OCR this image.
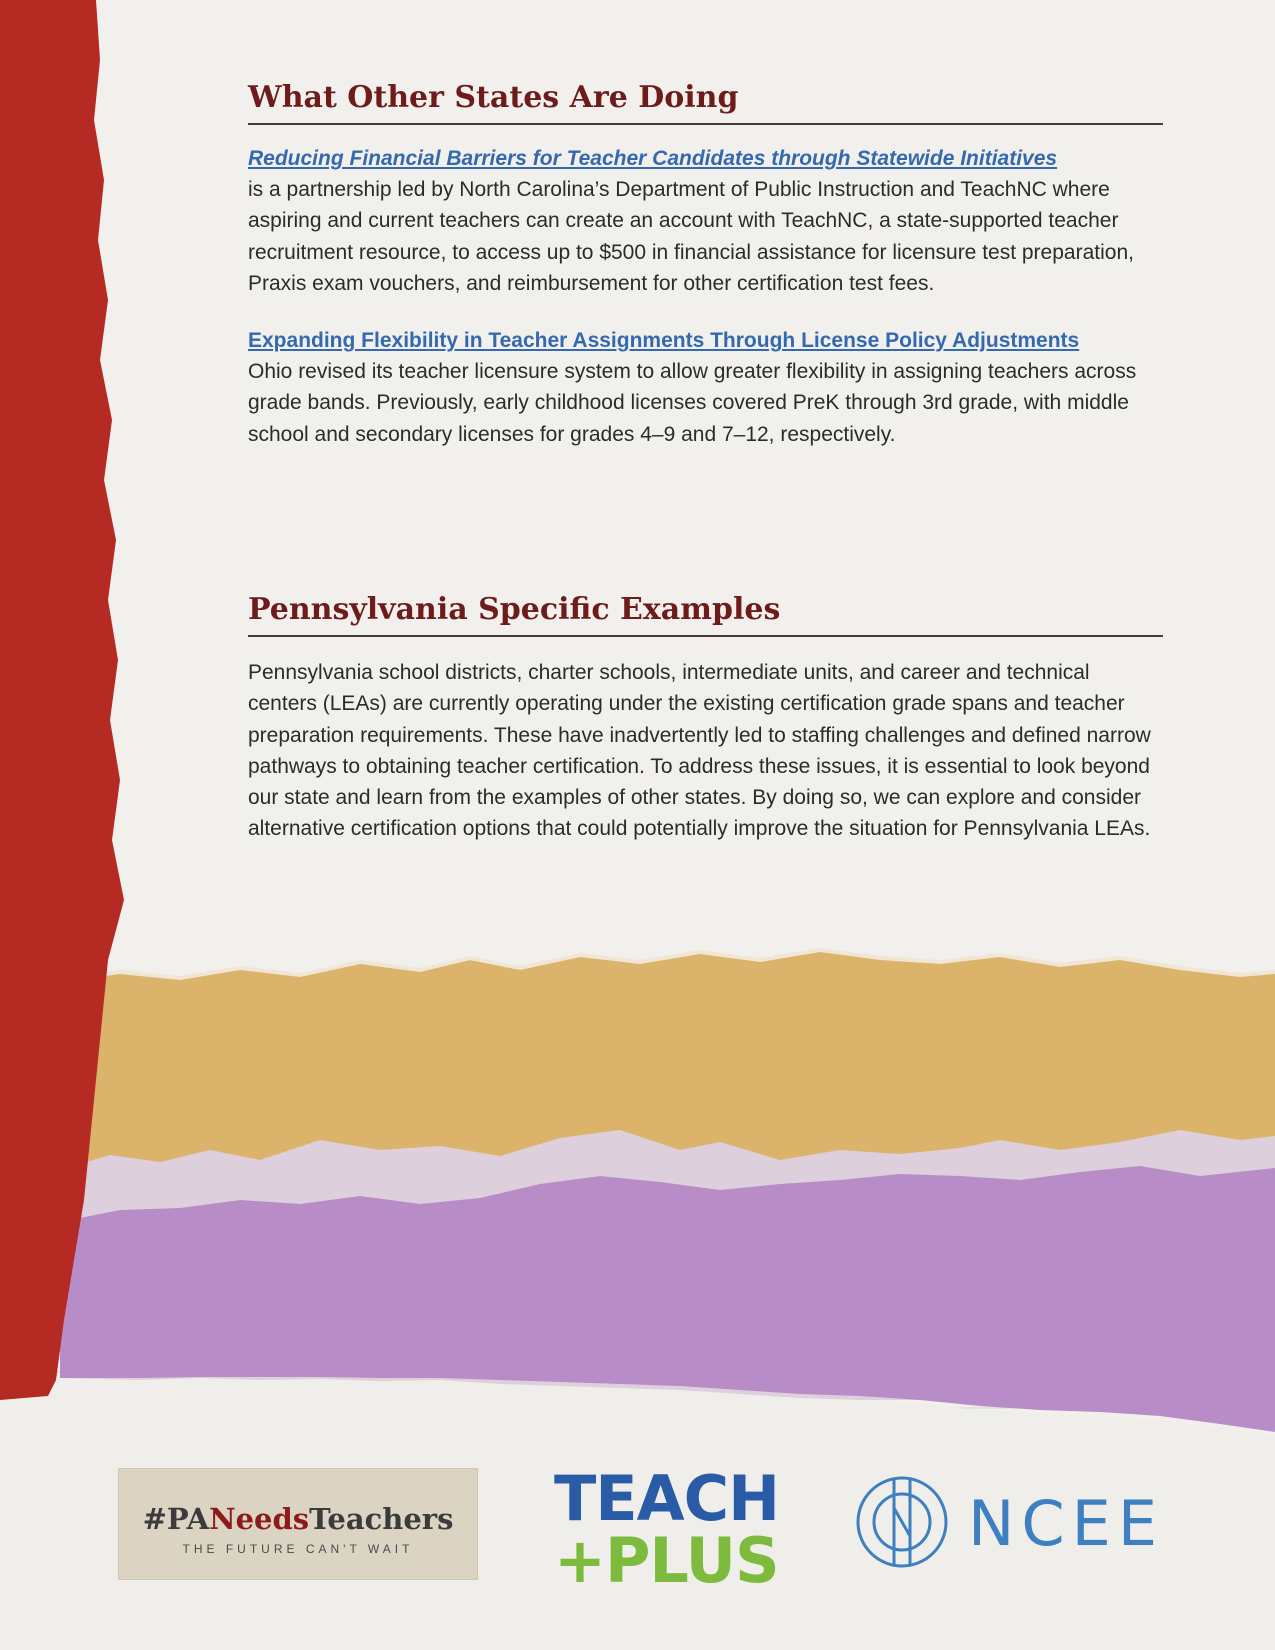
What Other States Are Doing
Reducing Financial Barriers for Teacher Candidates through Statewide Initiatives

is a partnership led by North Carolina’s Department of Public Instruction and TeachNC where aspiring and current teachers can create an account with TeachNC, a state-supported teacher recruitment resource, to access up to $500 in financial assistance for licensure test preparation, Praxis exam vouchers, and reimbursement for other certification test fees.

Expanding Flexibility in Teacher Assignments Through License Policy Adjustments

Ohio revised its teacher licensure system to allow greater flexibility in assigning teachers across grade bands. Previously, early childhood licenses covered PreK through 3rd grade, with middle school and secondary licenses for grades 4–9 and 7–12, respectively.

Pennsylvania Specific Examples

Pennsylvania school districts, charter schools, intermediate units, and career and technical centers (LEAs) are currently operating under the existing certification grade spans and teacher preparation requirements. These have inadvertently led to staffing challenges and defined narrow pathways to obtaining teacher certification. To address these issues, it is essential to look beyond our state and learn from the examples of other states. By doing so, we can explore and consider alternative certification options that could potentially improve the situation for Pennsylvania LEAs.

#PANeedsTeachers
THE FUTURE CAN'T WAIT
TEACH
+PLUS
NCEE
